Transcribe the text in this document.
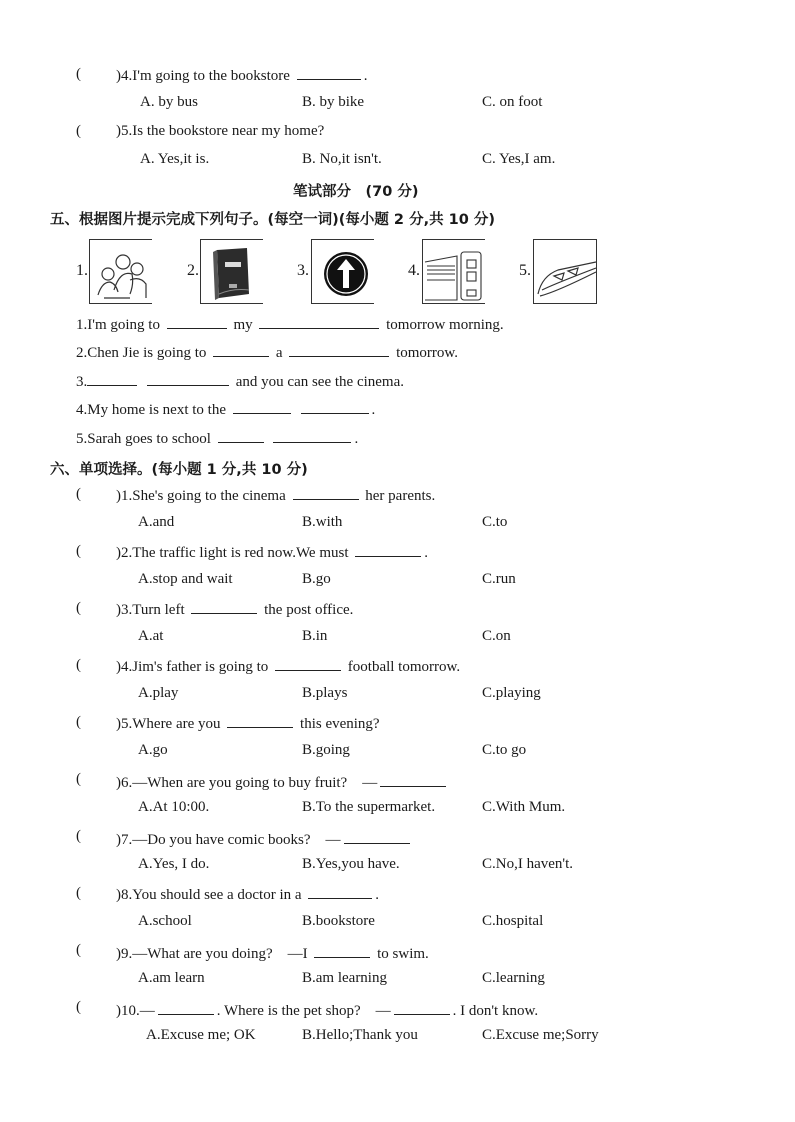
( )4.I'm going to the bookstore	.
A. by bus	B. by bike	C. on foot
( )5.Is the bookstore near my home?
A. Yes,it is.	B. No,it isn't.	C. Yes,I am.
笔试部分　(70 分)
五、根据图片提示完成下列句子。(每空一词)(每小题 2 分,共 10 分)
1.	2.	3.	4.	5.
1.I'm going to	my	tomorrow morning.
2.Chen Jie is going to	a	tomorrow.
3.	and you can see the cinema.
4.My home is next to the	.
5.Sarah goes to school	.
六、单项选择。(每小题 1 分,共 10 分)
( )1.She's going to the cinema	her parents.
A.and	B.with	C.to
( )2.The traffic light is red now.We must	.
A.stop and wait	B.go	C.run
( )3.Turn left	the post office.
A.at	B.in	C.on
( )4.Jim's father is going to	football tomorrow.
A.play	B.plays	C.playing
( )5.Where are you	this evening?
A.go	B.going	C.to go
( )6.—When are you going to buy fruit?　—
A.At 10:00.	B.To the supermarket.	C.With Mum.
( )7.—Do you have comic books?　—
A.Yes, I do.	B.Yes,you have.	C.No,I haven't.
( )8.You should see a doctor in a	.
A.school	B.bookstore	C.hospital
( )9.—What are you doing?　—I	to swim.
A.am learn	B.am learning	C.learning
( )10.—	. Where is the pet shop?　—	. I don't know.
A.Excuse me; OK	B.Hello;Thank you	C.Excuse me;Sorry
